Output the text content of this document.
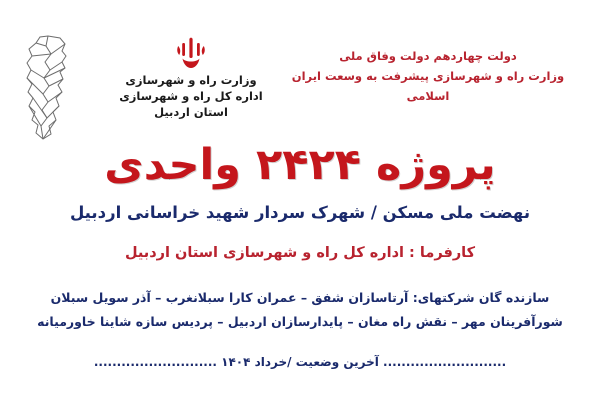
وزارت راه و شهرسازی
اداره کل راه و شهرسازی
استان اردبیل
دولت چهاردهم دولت وفاق ملی
وزارت راه و شهرسازی پیشرفت به وسعت ایران اسلامی
پروژه ۲۴۲۴ واحدی
نهضت ملی مسکن / شهرک سردار شهید خراسانی اردبیل
کارفرما : اداره کل راه و شهرسازی استان اردبیل
سازنده گان شرکتهای: آرتاسازان شفق – عمران کارا سبلانغرب – آذر سویل سبلان
شورآفرینان مهر – نقش راه مغان – پایدارسازان اردبیل – پردیس سازه شاینا خاورمیانه
........................... آخرین وضعیت /خرداد ۱۴۰۴ ...........................
